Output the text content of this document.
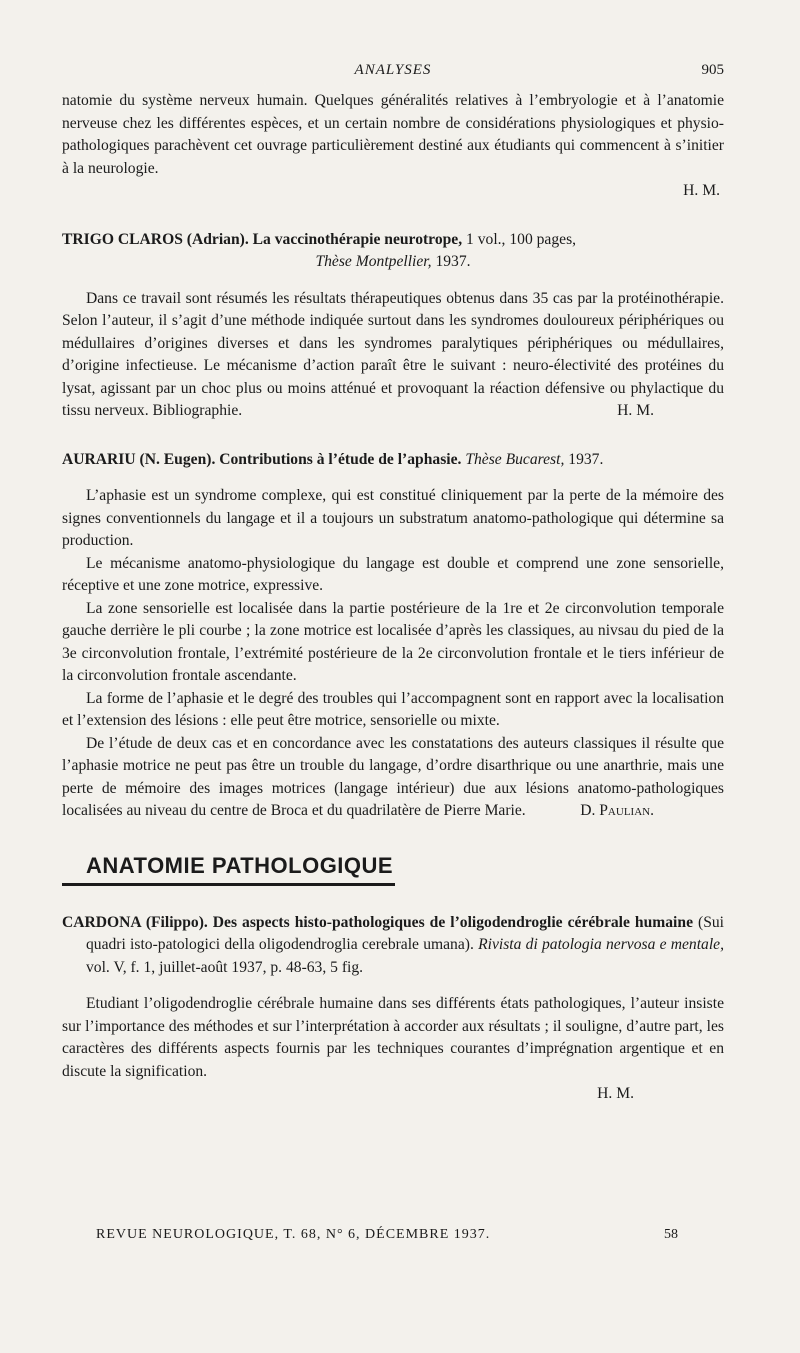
ANALYSES	905

natomie du système nerveux humain. Quelques généralités relatives à l’embryologie et à l’anatomie nerveuse chez les différentes espèces, et un certain nombre de considérations physiologiques et physio-pathologiques parachèvent cet ouvrage particulièrement destiné aux étudiants qui commencent à s’initier à la neurologie.

H. M.
TRIGO CLAROS (Adrian). La vaccinothérapie neurotrope, 1 vol., 100 pages,
Thèse Montpellier, 1937.

Dans ce travail sont résumés les résultats thérapeutiques obtenus dans 35 cas par la protéinothérapie. Selon l’auteur, il s’agit d’une méthode indiquée surtout dans les syndromes douloureux périphériques ou médullaires d’origines diverses et dans les syndromes paralytiques périphériques ou médullaires, d’origine infectieuse. Le mécanisme d’action paraît être le suivant : neuro-électivité des protéines du lysat, agissant par un choc plus ou moins atténué et provoquant la réaction défensive ou phylactique du tissu nerveux. Bibliographie.	H. M.
AURARIU (N. Eugen). Contributions à l’étude de l’aphasie. Thèse Bucarest, 1937.

L’aphasie est un syndrome complexe, qui est constitué cliniquement par la perte de la mémoire des signes conventionnels du langage et il a toujours un substratum anatomo-pathologique qui détermine sa production.

Le mécanisme anatomo-physiologique du langage est double et comprend une zone sensorielle, réceptive et une zone motrice, expressive.

La zone sensorielle est localisée dans la partie postérieure de la 1re et 2e circonvolution temporale gauche derrière le pli courbe ; la zone motrice est localisée d’après les classiques, au nivsau du pied de la 3e circonvolution frontale, l’extrémité postérieure de la 2e circonvolution frontale et le tiers inférieur de la circonvolution frontale ascendante.

La forme de l’aphasie et le degré des troubles qui l’accompagnent sont en rapport avec la localisation et l’extension des lésions : elle peut être motrice, sensorielle ou mixte.

De l’étude de deux cas et en concordance avec les constatations des auteurs classiques il résulte que l’aphasie motrice ne peut pas être un trouble du langage, d’ordre disarthrique ou une anarthrie, mais une perte de mémoire des images motrices (langage intérieur) due aux lésions anatomo-pathologiques localisées au niveau du centre de Broca et du quadrilatère de Pierre Marie.	D. Paulian.
ANATOMIE PATHOLOGIQUE
CARDONA (Filippo). Des aspects histo-pathologiques de l’oligodendroglie cérébrale humaine (Sui quadri isto-patologici della oligodendroglia cerebrale umana). Rivista di patologia nervosa e mentale, vol. V, f. 1, juillet-août 1937, p. 48-63, 5 fig.

Etudiant l’oligodendroglie cérébrale humaine dans ses différents états pathologiques, l’auteur insiste sur l’importance des méthodes et sur l’interprétation à accorder aux résultats ; il souligne, d’autre part, les caractères des différents aspects fournis par les techniques courantes d’imprégnation argentique et en discute la signification.

H. M.
REVUE NEUROLOGIQUE, T. 68, N° 6, DÉCEMBRE 1937.	58
